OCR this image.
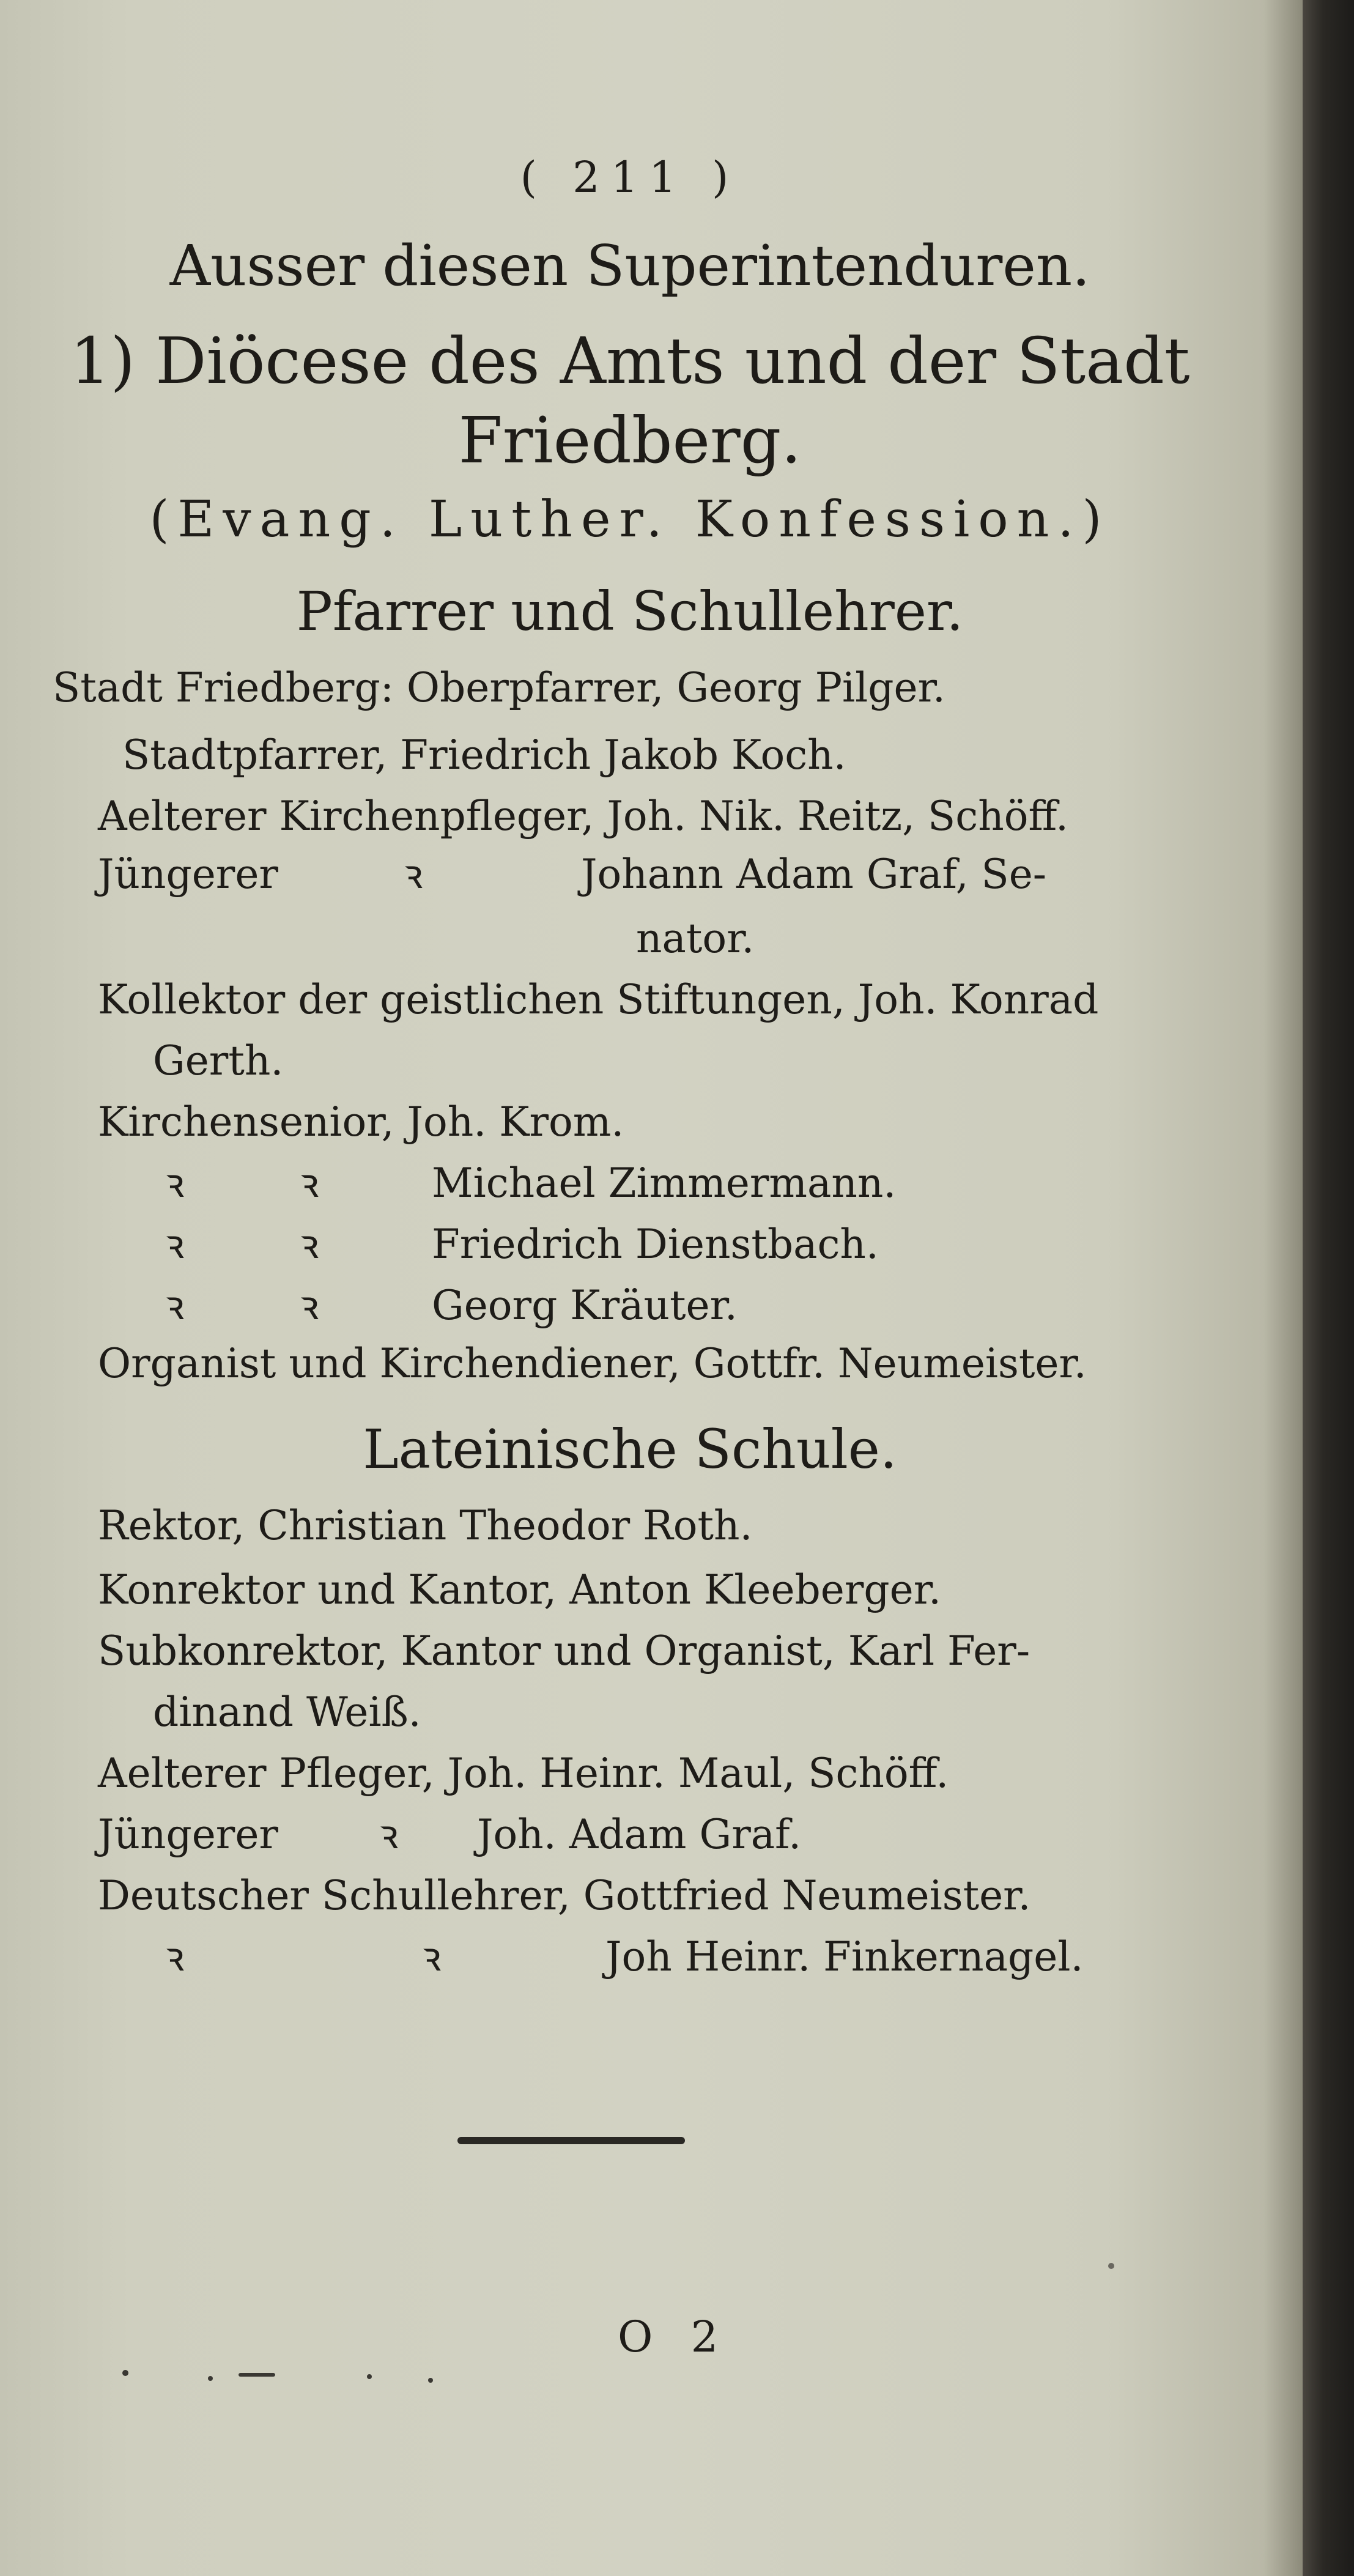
( 211 )
Ausser diesen Superintenduren.
1) Diöcese des Amts und der Stadt
Friedberg.
(Evang. Luther. Konfession.)
Pfarrer und Schullehrer.
Stadt Friedberg: Oberpfarrer, Georg Pilger.
Stadtpfarrer, Friedrich Jakob Koch.
Aelterer Kirchenpfleger, Joh. Nik. Reitz, Schöff.
Jüngerer	ꝛ	Johann Adam Graf, Se-
nator.
Kollektor der geistlichen Stiftungen, Joh. Konrad
Gerth.
Kirchensenior, Joh. Krom.
ꝛ	ꝛ	Michael Zimmermann.
ꝛ	ꝛ	Friedrich Dienstbach.
ꝛ	ꝛ	Georg Kräuter.
Organist und Kirchendiener, Gottfr. Neumeister.
Lateinische Schule.
Rektor, Christian Theodor Roth.
Konrektor und Kantor, Anton Kleeberger.
Subkonrektor, Kantor und Organist, Karl Fer-
dinand Weiß.
Aelterer Pfleger, Joh. Heinr. Maul, Schöff.
Jüngerer	ꝛ Joh. Adam Graf.
Deutscher Schullehrer, Gottfried Neumeister.
ꝛ	ꝛ	Joh Heinr. Finkernagel.
O 2
